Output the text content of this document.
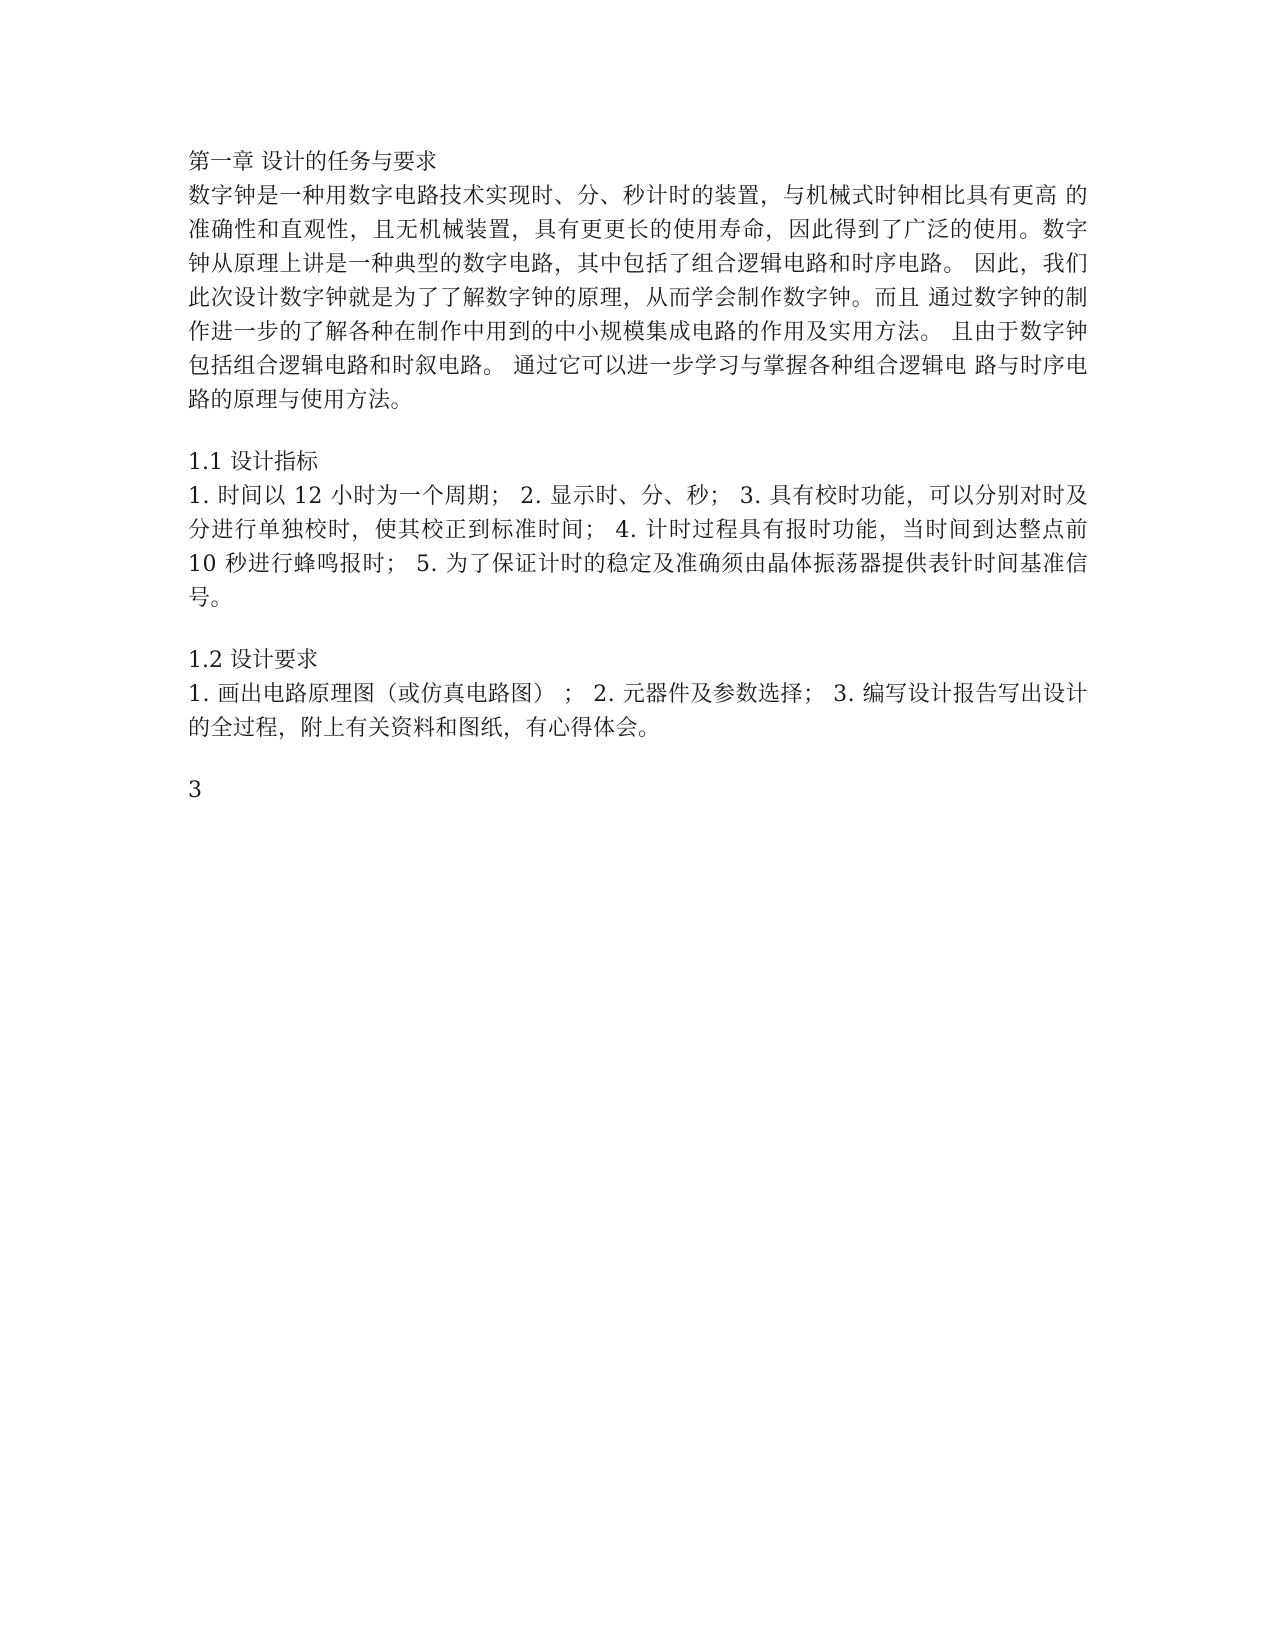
第一章 设计的任务与要求

数字钟是一种用数字电路技术实现时、分、秒计时的装置，与机械式时钟相比具有更高 的准确性和直观性，且无机械装置，具有更更长的使用寿命，因此得到了广泛的使用。数字 钟从原理上讲是一种典型的数字电路，其中包括了组合逻辑电路和时序电路。 因此，我们此次设计数字钟就是为了了解数字钟的原理，从而学会制作数字钟。而且 通过数字钟的制作进一步的了解各种在制作中用到的中小规模集成电路的作用及实用方法。 且由于数字钟包括组合逻辑电路和时叙电路。 通过它可以进一步学习与掌握各种组合逻辑电 路与时序电路的原理与使用方法。

1.1 设计指标

1. 时间以 12 小时为一个周期； 2. 显示时、分、秒； 3. 具有校时功能，可以分别对时及分进行单独校时，使其校正到标准时间； 4. 计时过程具有报时功能，当时间到达整点前 10 秒进行蜂鸣报时； 5. 为了保证计时的稳定及准确须由晶体振荡器提供表针时间基准信号。

1.2 设计要求

1. 画出电路原理图（或仿真电路图） ； 2. 元器件及参数选择； 3. 编写设计报告写出设计的全过程，附上有关资料和图纸，有心得体会。

3
